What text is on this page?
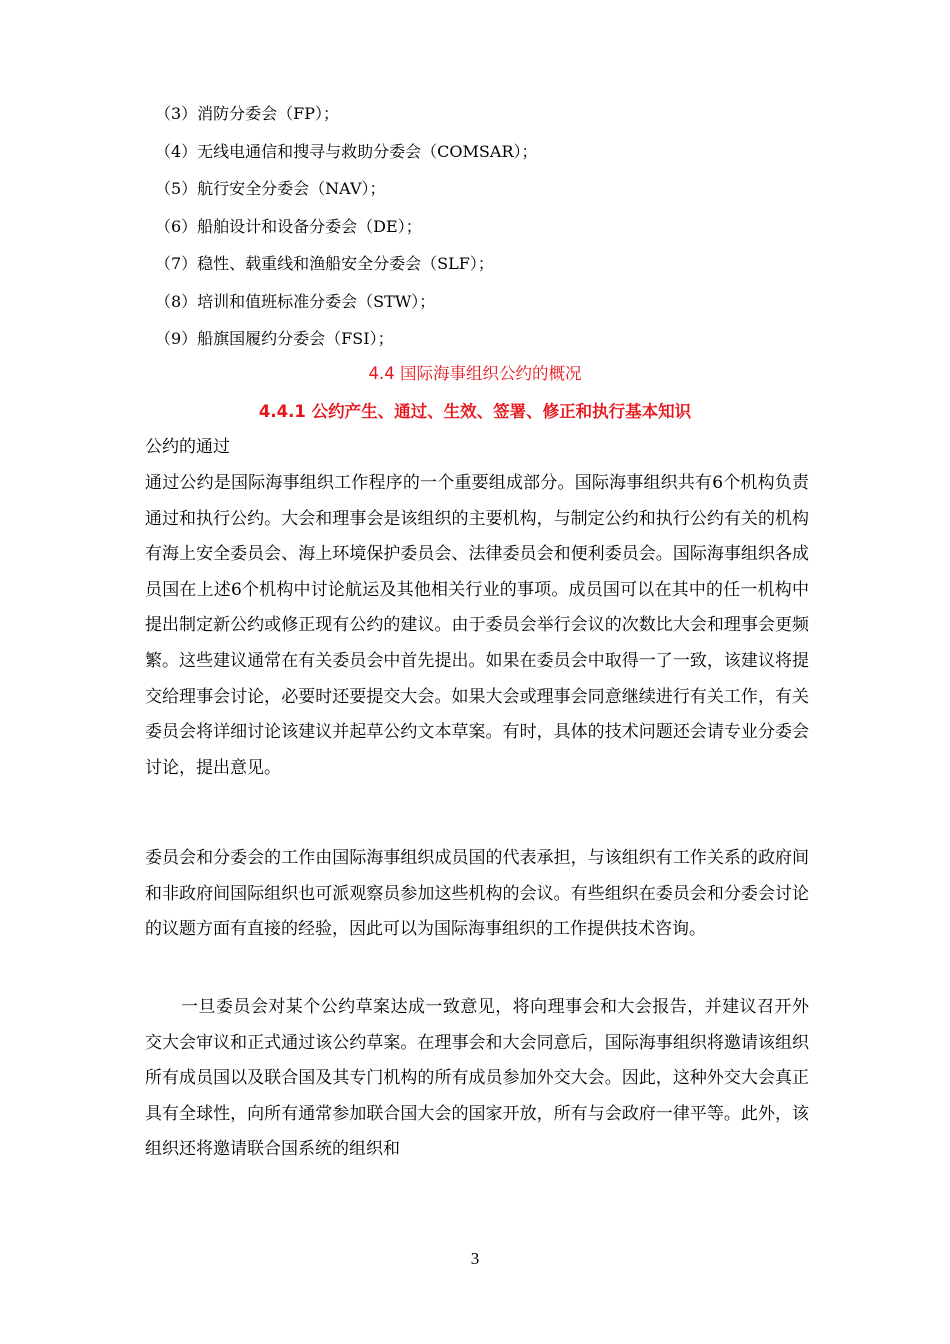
（3）消防分委会（FP）；
（4）无线电通信和搜寻与救助分委会（COMSAR）；
（5）航行安全分委会（NAV）；
（6）船舶设计和设备分委会（DE）；
（7）稳性、载重线和渔船安全分委会（SLF）；
（8）培训和值班标准分委会（STW）；
（9）船旗国履约分委会（FSI）；
4.4 国际海事组织公约的概况
4.4.1 公约产生、通过、生效、签署、修正和执行基本知识
公约的通过

通过公约是国际海事组织工作程序的一个重要组成部分。国际海事组织共有6个机构负责通过和执行公约。大会和理事会是该组织的主要机构，与制定公约和执行公约有关的机构有海上安全委员会、海上环境保护委员会、法律委员会和便利委员会。国际海事组织各成员国在上述6个机构中讨论航运及其他相关行业的事项。成员国可以在其中的任一机构中提出制定新公约或修正现有公约的建议。由于委员会举行会议的次数比大会和理事会更频繁。这些建议通常在有关委员会中首先提出。如果在委员会中取得一了一致，该建议将提交给理事会讨论，必要时还要提交大会。如果大会或理事会同意继续进行有关工作，有关委员会将详细讨论该建议并起草公约文本草案。有时，具体的技术问题还会请专业分委会讨论，提出意见。

委员会和分委会的工作由国际海事组织成员国的代表承担，与该组织有工作关系的政府间和非政府间国际组织也可派观察员参加这些机构的会议。有些组织在委员会和分委会讨论的议题方面有直接的经验，因此可以为国际海事组织的工作提供技术咨询。

一旦委员会对某个公约草案达成一致意见，将向理事会和大会报告，并建议召开外交大会审议和正式通过该公约草案。在理事会和大会同意后，国际海事组织将邀请该组织所有成员国以及联合国及其专门机构的所有成员参加外交大会。因此，这种外交大会真正具有全球性，向所有通常参加联合国大会的国家开放，所有与会政府一律平等。此外，该组织还将邀请联合国系统的组织和

3
